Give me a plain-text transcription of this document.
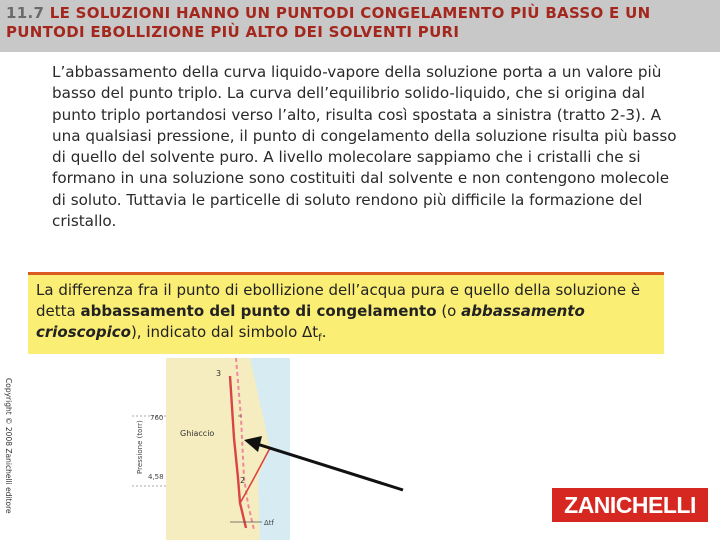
11.7 LE SOLUZIONI HANNO UN PUNTODI CONGELAMENTO PIÙ BASSO E UN PUNTODI EBOLLIZIONE PIÙ ALTO DEI SOLVENTI PURI
L’abbassamento della curva liquido-vapore della soluzione porta a un valore più basso del punto triplo. La curva dell’equilibrio solido-liquido, che si origina dal punto triplo portandosi verso l’alto, risulta così spostata a sinistra (tratto 2-3). A una qualsiasi pressione, il punto di congelamento della soluzione risulta più basso di quello del solvente puro. A livello molecolare sappiamo che i cristalli che si formano in una soluzione sono costituiti dal solvente e non contengono molecole di soluto. Tuttavia le particelle di soluto rendono più difficile la formazione del cristallo.
La differenza fra il punto di ebollizione dell’acqua pura e quello della soluzione è detta abbassamento del punto di congelamento (o abbassamento crioscopico), indicato dal simbolo $\Delta t_f$.
Copyright © 2008 Zanichelli editore	760
4,58
Pressione (torr)	Ghiaccio
3
2
Δtf
ZANICHELLI
